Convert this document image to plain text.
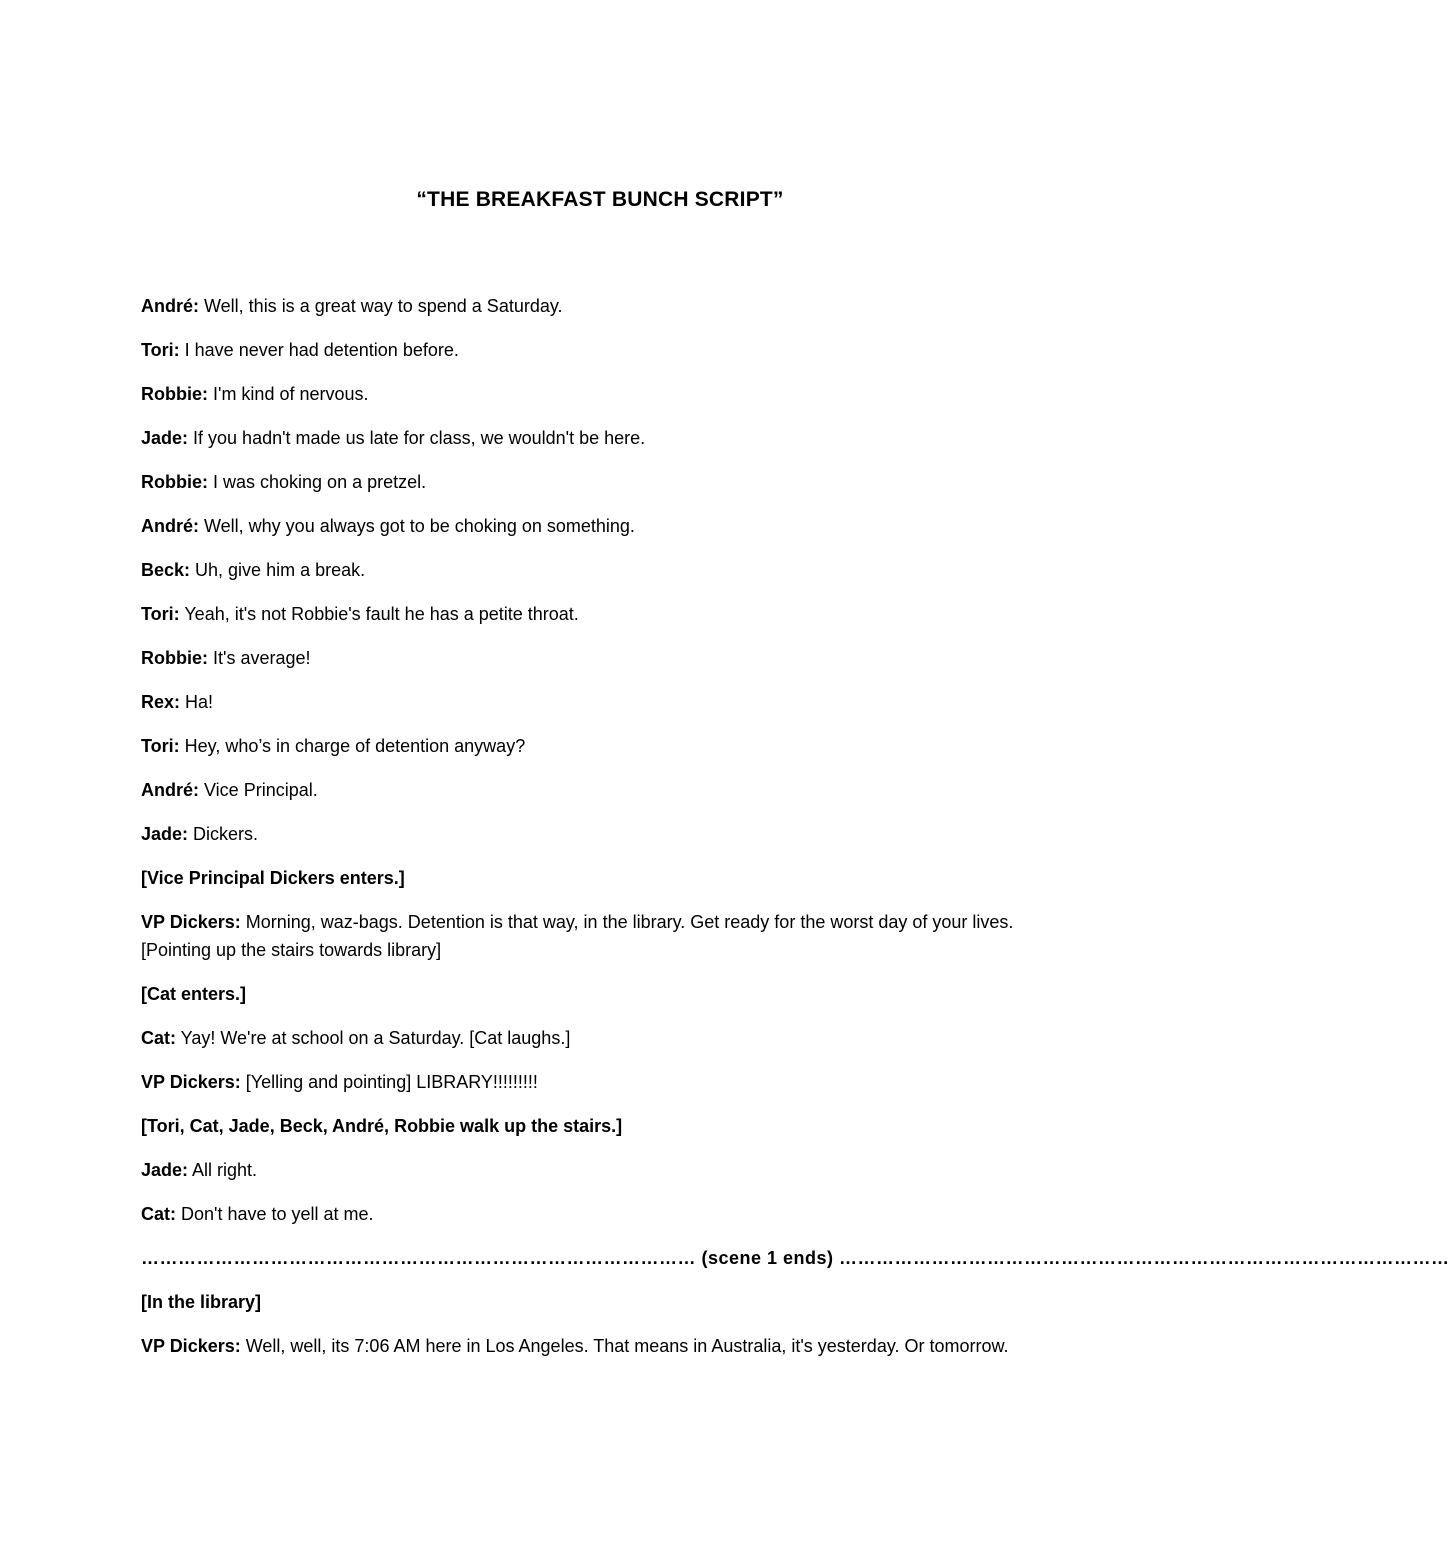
“THE BREAKFAST BUNCH SCRIPT”
André: Well, this is a great way to spend a Saturday.
Tori: I have never had detention before.
Robbie: I'm kind of nervous.
Jade: If you hadn't made us late for class, we wouldn't be here.
Robbie: I was choking on a pretzel.
André: Well, why you always got to be choking on something.
Beck: Uh, give him a break.
Tori: Yeah, it's not Robbie's fault he has a petite throat.
Robbie: It's average!
Rex: Ha!
Tori: Hey, who’s in charge of detention anyway?
André: Vice Principal.
Jade: Dickers.
[Vice Principal Dickers enters.]
VP Dickers: Morning, waz-bags. Detention is that way, in the library. Get ready for the worst day of your lives. [Pointing up the stairs towards library]
[Cat enters.]
Cat: Yay! We're at school on a Saturday. [Cat laughs.]
VP Dickers: [Yelling and pointing] LIBRARY!!!!!!!!!
[Tori, Cat, Jade, Beck, André, Robbie walk up the stairs.]
Jade: All right.
Cat: Don't have to yell at me.
……………………………………………………………………………… (scene 1 ends) ………………………………………………………………………………………
[In the library]
VP Dickers: Well, well, its 7:06 AM here in Los Angeles. That means in Australia, it's yesterday. Or tomorrow.
